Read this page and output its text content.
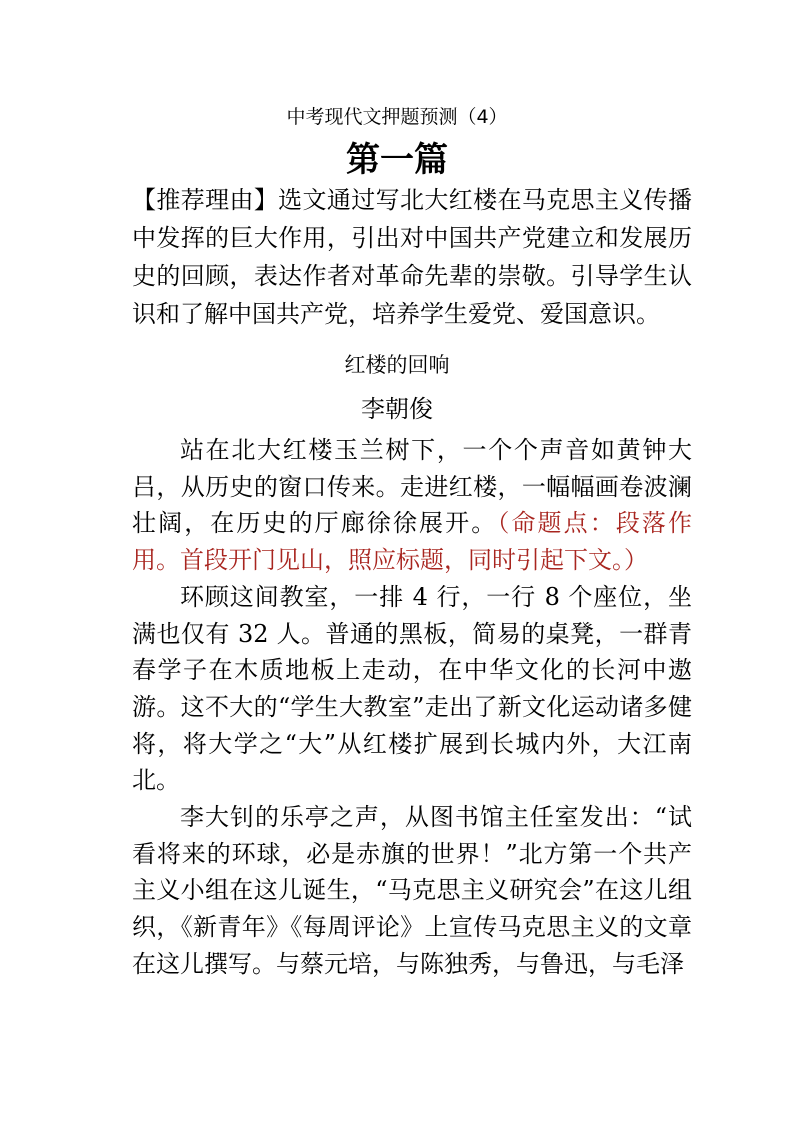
中考现代文押题预测（4）
第一篇
【推荐理由】选文通过写北大红楼在马克思主义传播中发挥的巨大作用，引出对中国共产党建立和发展历史的回顾，表达作者对革命先辈的崇敬。引导学生认识和了解中国共产党，培养学生爱党、爱国意识。
红楼的回响
李朝俊

站在北大红楼玉兰树下，一个个声音如黄钟大吕，从历史的窗口传来。走进红楼，一幅幅画卷波澜壮阔，在历史的厅廊徐徐展开。（命题点：段落作用。首段开门见山，照应标题，同时引起下文。）

环顾这间教室，一排 4 行，一行 8 个座位，坐满也仅有 32 人。普通的黑板，简易的桌凳，一群青春学子在木质地板上走动，在中华文化的长河中遨游。这不大的“学生大教室”走出了新文化运动诸多健将，将大学之“大”从红楼扩展到长城内外，大江南北。

李大钊的乐亭之声，从图书馆主任室发出：“试看将来的环球，必是赤旗的世界！”北方第一个共产主义小组在这儿诞生，“马克思主义研究会”在这儿组织，《新青年》《每周评论》上宣传马克思主义的文章在这儿撰写。与蔡元培，与陈独秀，与鲁迅，与毛泽
